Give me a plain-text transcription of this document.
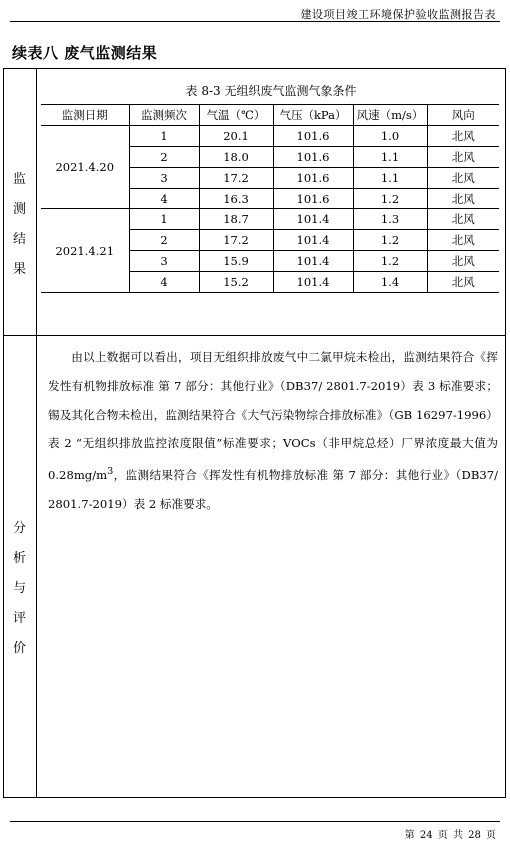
建设项目竣工环境保护验收监测报告表
续表八 废气监测结果
监
测
结
果
分
析
与
评
价
表 8-3 无组织废气监测气象条件
监测日期	监测频次	气温（℃）	气压（kPa）	风速（m/s）	风向
2021.4.20	1	20.1	101.6	1.0	北风
	2	18.0	101.6	1.1	北风
	3	17.2	101.6	1.1	北风
	4	16.3	101.6	1.2	北风
2021.4.21	1	18.7	101.4	1.3	北风
	2	17.2	101.4	1.2	北风
	3	15.9	101.4	1.2	北风
	4	15.2	101.4	1.4	北风

由以上数据可以看出，项目无组织排放废气中二氯甲烷未检出，监测结果符合《挥发性有机物排放标准 第 7 部分：其他行业》（DB37/ 2801.7-2019）表 3 标准要求；锡及其化合物未检出，监测结果符合《大气污染物综合排放标准》（GB 16297-1996）表 2 “无组织排放监控浓度限值”标准要求；VOCs（非甲烷总烃）厂界浓度最大值为 $0.28mg/m^3$，监测结果符合《挥发性有机物排放标准 第 7 部分：其他行业》（DB37/ 2801.7-2019）表 2 标准要求。

第 24 页 共 28 页
